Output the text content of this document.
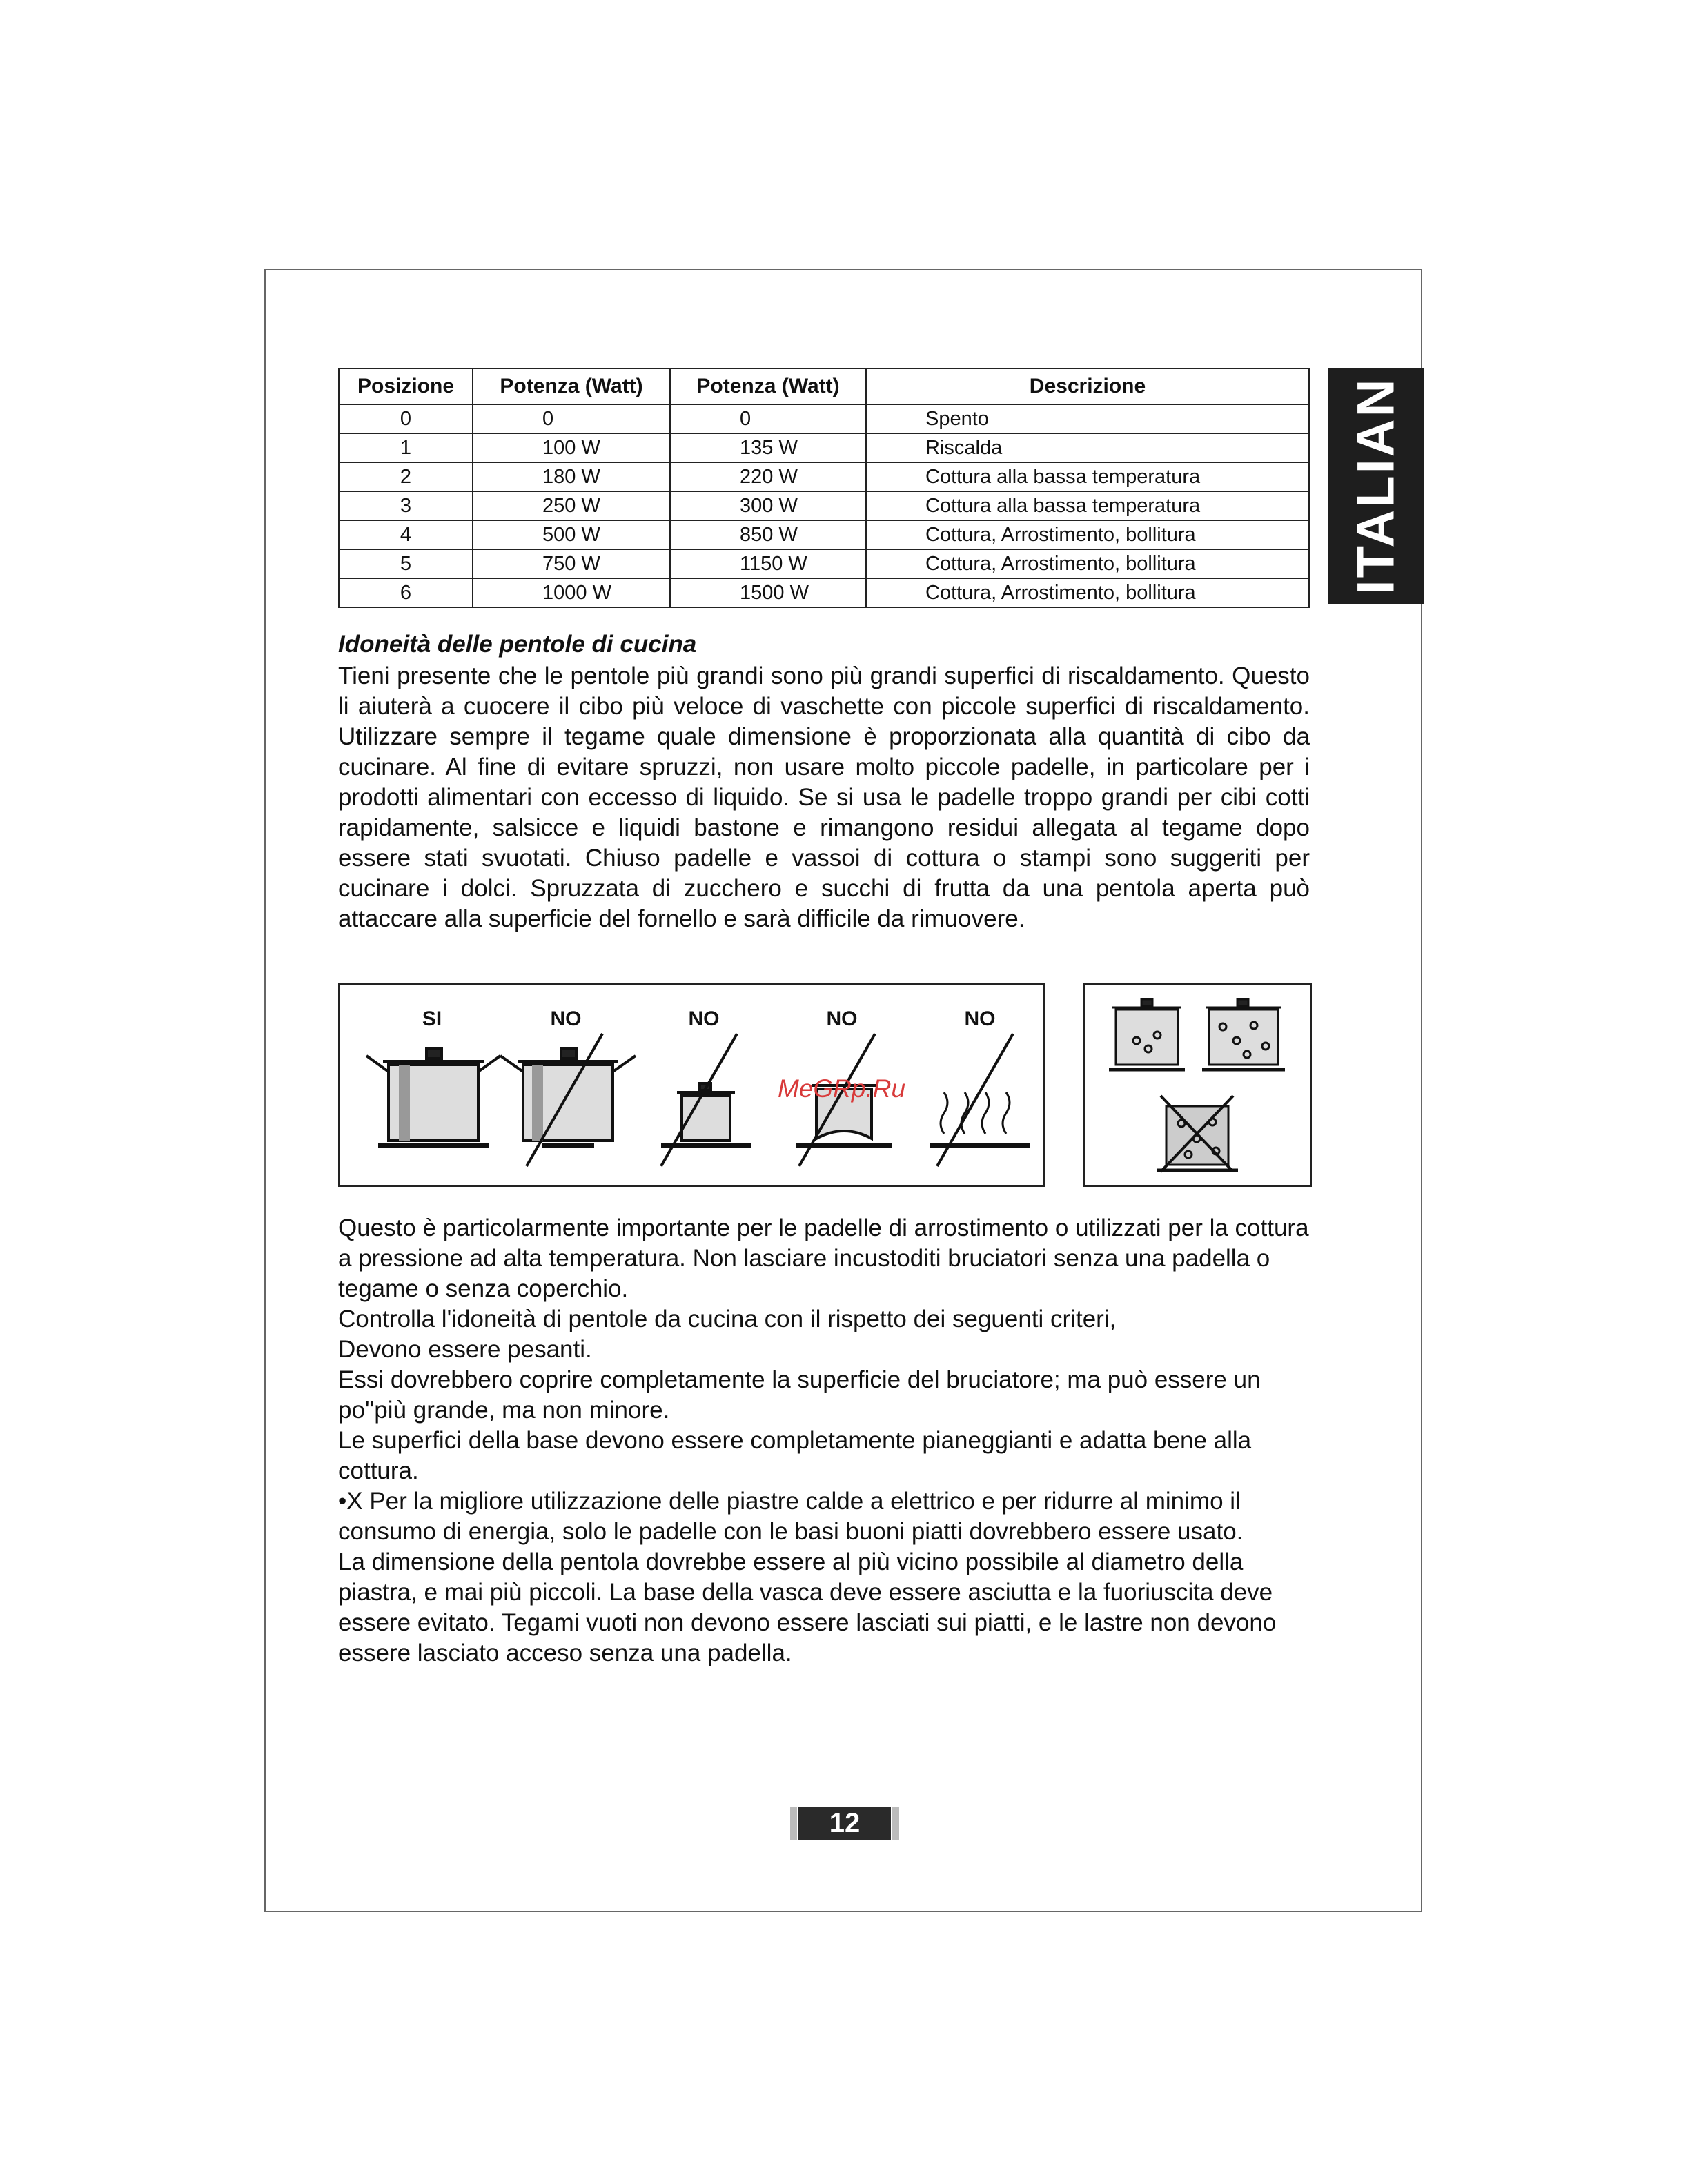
ITALIAN
Posizione	Potenza (Watt)	Potenza (Watt)	Descrizione
0	0	0	Spento
1	100 W	135 W	Riscalda
2	180 W	220 W	Cottura alla bassa temperatura
3	250 W	300 W	Cottura alla bassa temperatura
4	500 W	850 W	Cottura, Arrostimento, bollitura
5	750 W	1150 W	Cottura, Arrostimento, bollitura
6	1000 W	1500 W	Cottura, Arrostimento, bollitura
Idoneità delle pentole di cucina

Tieni presente che le pentole più grandi sono più grandi superfici di riscaldamento. Questo li aiuterà a cuocere il cibo più veloce di vaschette con piccole superfici di riscaldamento. Utilizzare sempre il tegame quale dimensione è proporzionata alla quantità di cibo da cucinare. Al fine di evitare spruzzi, non usare molto piccole padelle, in particolare per i prodotti alimentari con eccesso di liquido. Se si usa le padelle troppo grandi per cibi cotti rapidamente, salsicce e liquidi bastone e rimangono residui allegata al tegame dopo essere stati svuotati. Chiuso padelle e vassoi di cottura o stampi sono suggeriti per cucinare i dolci. Spruzzata di zucchero e succhi di frutta da una pentola aperta può attaccare alla superficie del fornello e sarà difficile da rimuovere.

SI	NO	NO	NO	NO
MeGRp.Ru
Questo è particolarmente importante per le padelle di arrostimento o utilizzati per la cottura a pressione ad alta temperatura. Non lasciare incustoditi bruciatori senza una padella o tegame o senza coperchio.
Controlla l'idoneità di pentole da cucina con il rispetto dei seguenti criteri,
Devono essere pesanti.
Essi dovrebbero coprire completamente la superficie del bruciatore; ma può essere un po''più grande, ma non minore.
Le superfici della base devono essere completamente pianeggianti e adatta bene alla cottura.
•X Per la migliore utilizzazione delle piastre calde a elettrico e per ridurre al minimo il consumo di energia, solo le padelle con le basi buoni piatti dovrebbero essere usato.
La dimensione della pentola dovrebbe essere al più vicino possibile al diametro della piastra, e mai più piccoli. La base della vasca deve essere asciutta e la fuoriuscita deve essere evitato. Tegami vuoti non devono essere lasciati sui piatti, e le lastre non devono essere lasciato acceso senza una padella.
12
